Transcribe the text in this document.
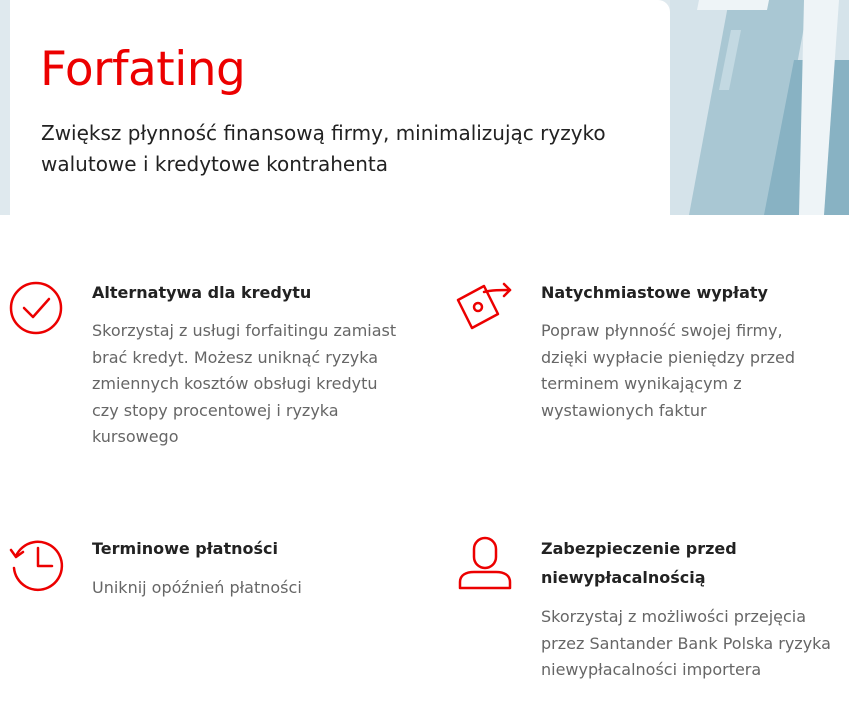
Forfating

Zwiększ płynność finansową firmy, minimalizując ryzyko walutowe i kredytowe kontrahenta

Alternatywa dla kredytu

Skorzystaj z usługi forfaitingu zamiast brać kredyt. Możesz uniknąć ryzyka zmiennych kosztów obsługi kredytu czy stopy procentowej i ryzyka kursowego

Natychmiastowe wypłaty

Popraw płynność swojej firmy, dzięki wypłacie pieniędzy przed terminem wynikającym z wystawionych faktur

Terminowe płatności

Uniknij opóźnień płatności

Zabezpieczenie przed niewypłacalnością

Skorzystaj z możliwości przejęcia przez Santander Bank Polska ryzyka niewypłacalności importera
